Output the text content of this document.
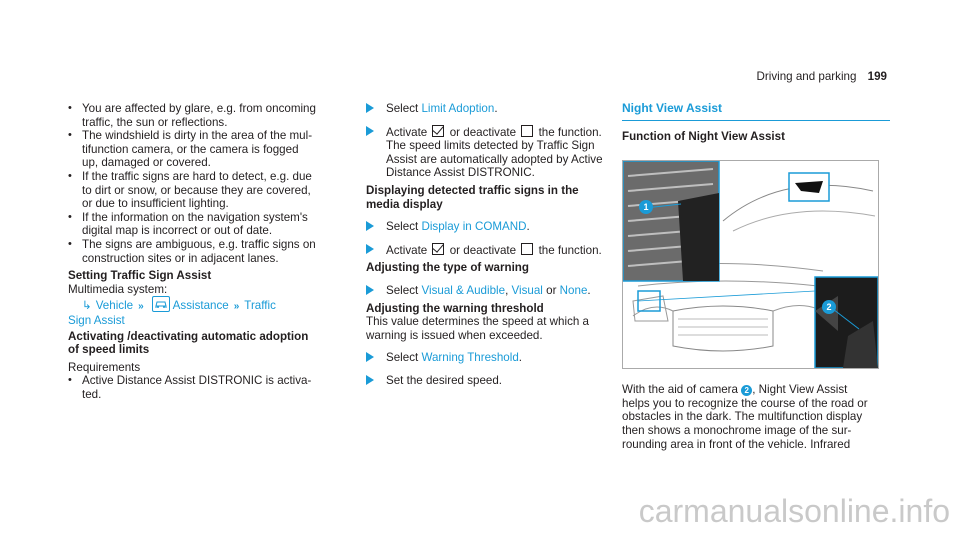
Driving and parking 199
• You are affected by glare, e.g. from oncoming
traffic, the sun or reflections.
• The windshield is dirty in the area of the mul-
tifunction camera, or the camera is fogged
up, damaged or covered.
• If the traffic signs are hard to detect, e.g. due
to dirt or snow, or because they are covered,
or due to insufficient lighting.
• If the information on the navigation system's
digital map is incorrect or out of date.
• The signs are ambiguous, e.g. traffic signs on
construction sites or in adjacent lanes.
Setting Traffic Sign Assist
Multimedia system:
↳ Vehicle »	Assistance » Traffic
Sign Assist
Activating /deactivating automatic adoption
of speed limits
Requirements
• Active Distance Assist DISTRONIC is activa-
ted.
Select Limit Adoption.
Activate or deactivate the function.
The speed limits detected by Traffic Sign
Assist are automatically adopted by Active
Distance Assist DISTRONIC.
Displaying detected traffic signs in the
media display
Select Display in COMAND.
Activate or deactivate the function.
Adjusting the type of warning
Select Visual & Audible, Visual or None.
Adjusting the warning threshold
This value determines the speed at which a
warning is issued when exceeded.
Select Warning Threshold.
Set the desired speed.
Night View Assist
Function of Night View Assist
1
2
With the aid of camera 2 , Night View Assist
helps you to recognize the course of the road or
obstacles in the dark. The multifunction display
then shows a monochrome image of the sur-
rounding area in front of the vehicle. Infrared
carmanualsonline.info
